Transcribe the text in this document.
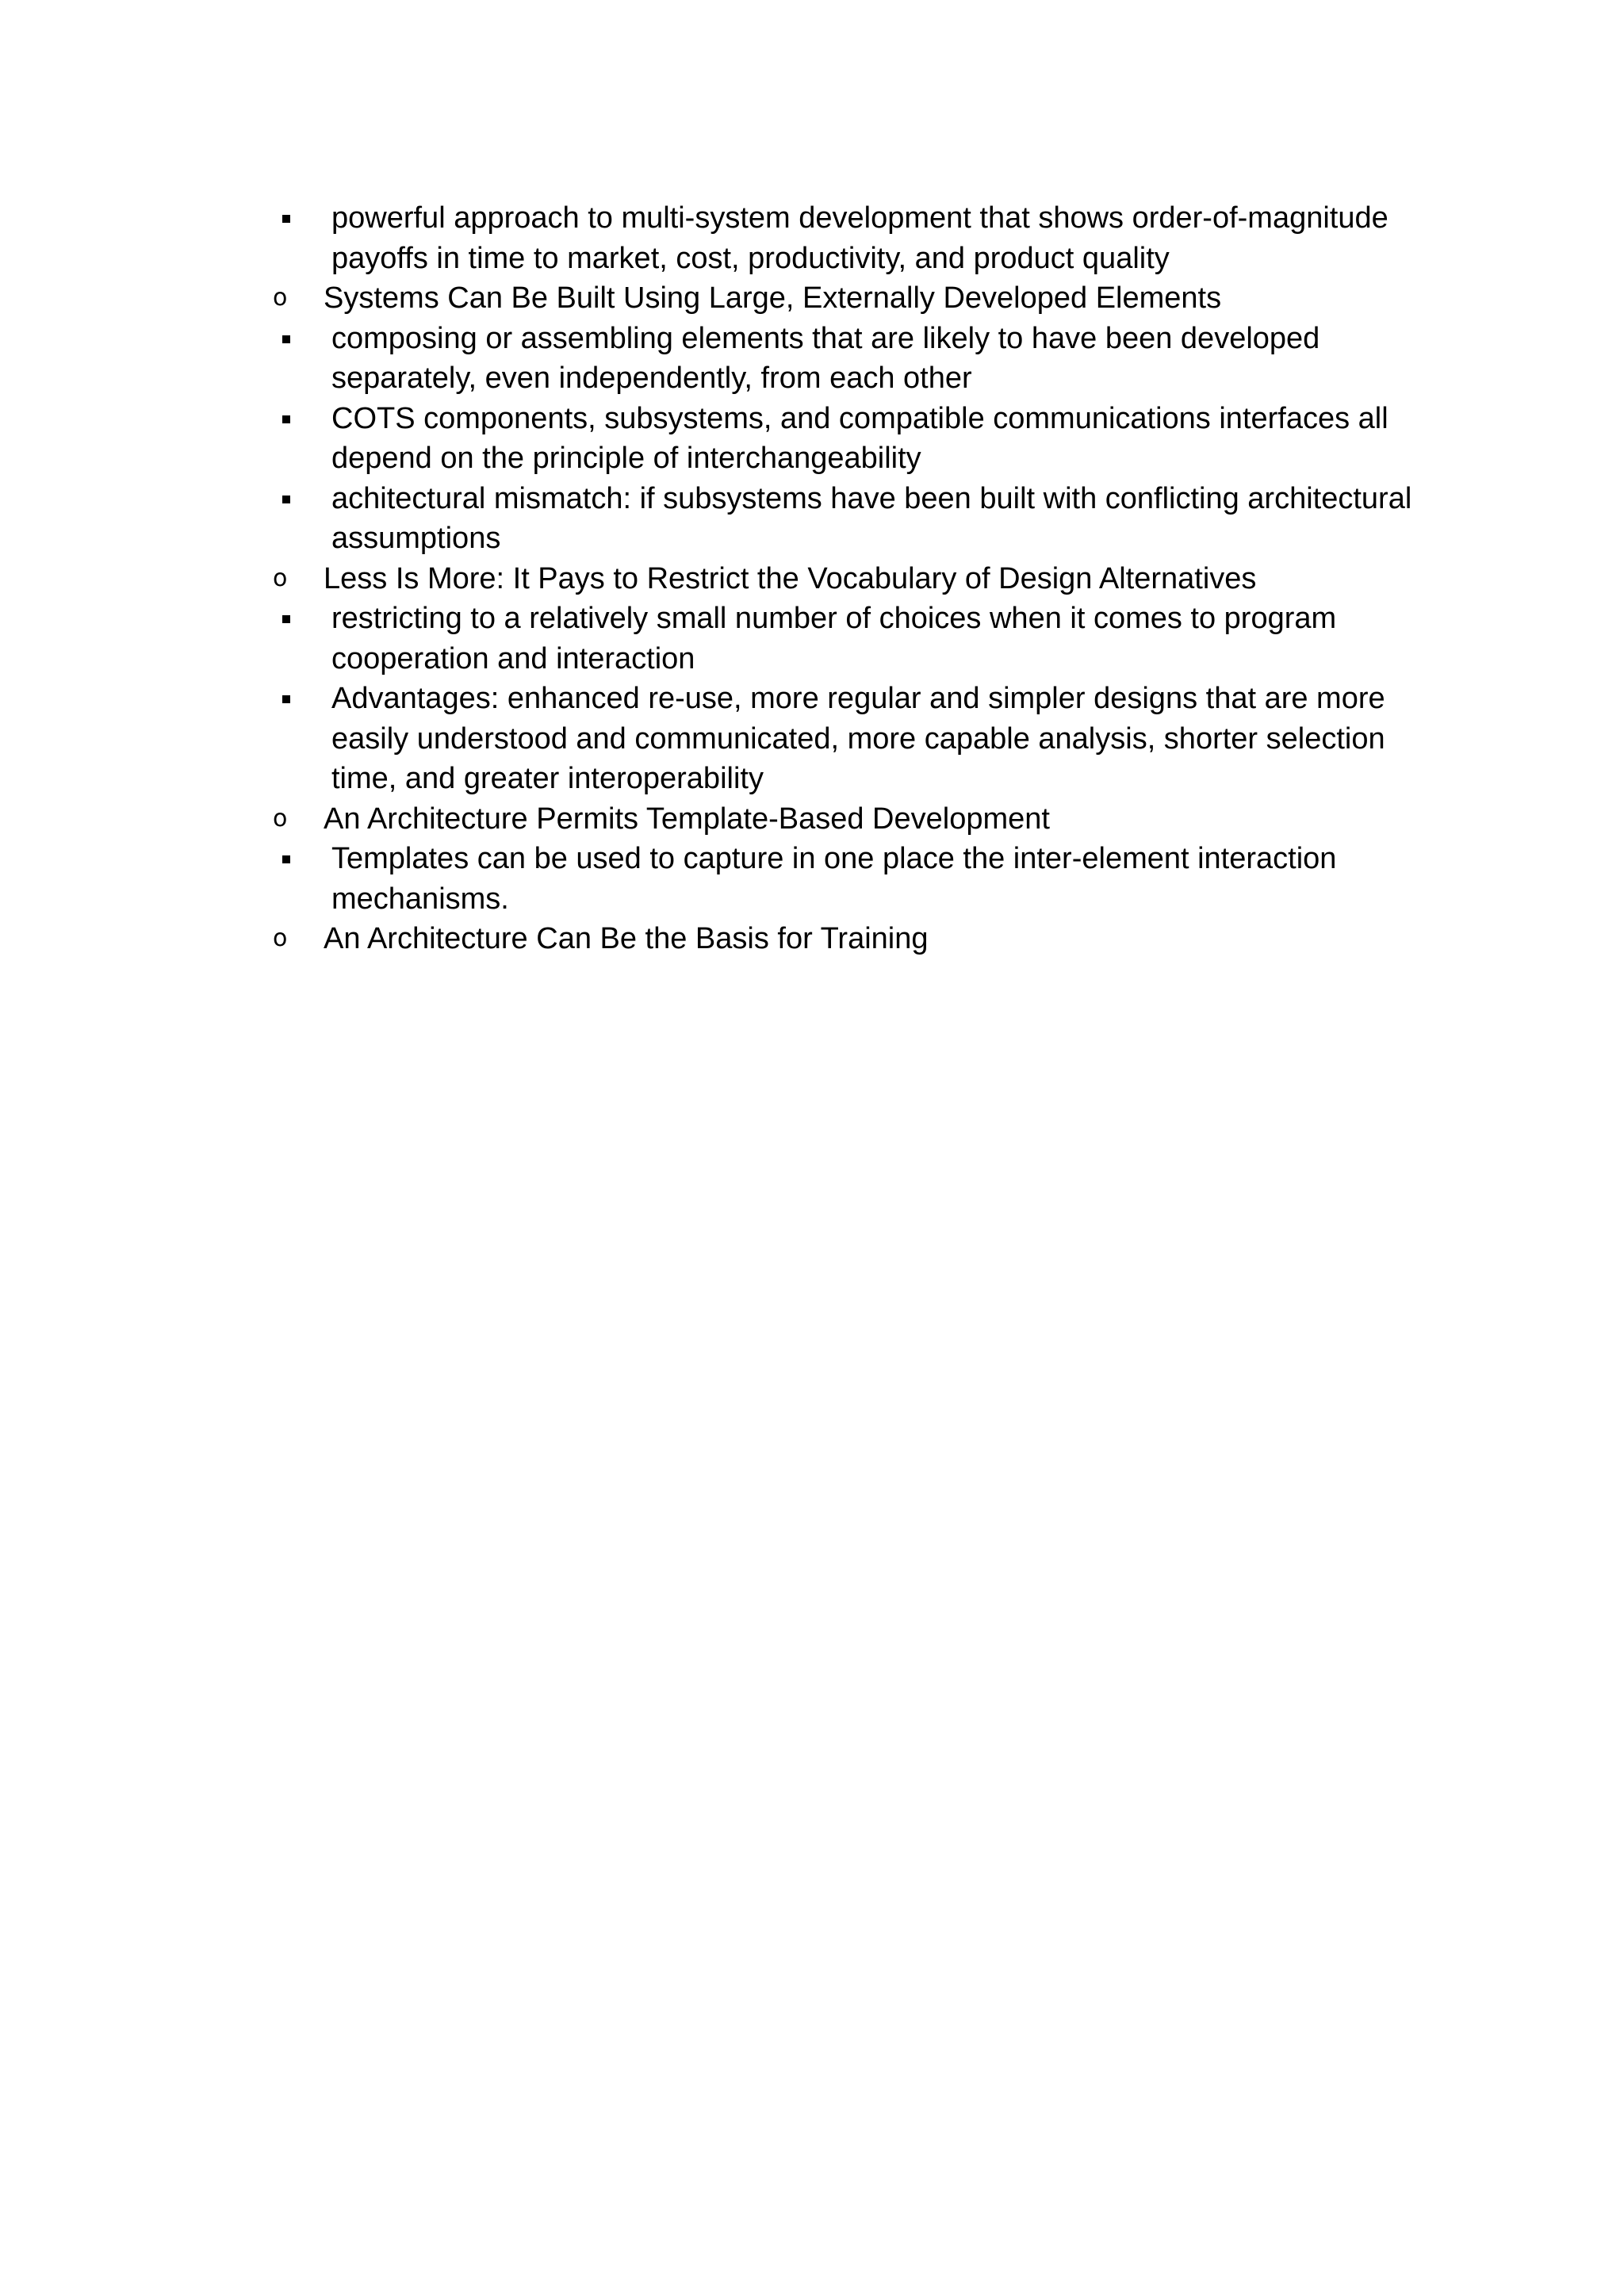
powerful approach to multi-system development that shows order-of-magnitude payoffs in time to market, cost, productivity, and product quality
o Systems Can Be Built Using Large, Externally Developed Elements
composing or assembling elements that are likely to have been developed separately, even independently, from each other
COTS components, subsystems, and compatible communications interfaces all depend on the principle of interchangeability
achitectural mismatch: if subsystems have been built with conflicting architectural assumptions
o Less Is More: It Pays to Restrict the Vocabulary of Design Alternatives
restricting to a relatively small number of choices when it comes to program cooperation and interaction
Advantages: enhanced re-use, more regular and simpler designs that are more easily understood and communicated, more capable analysis, shorter selection time, and greater interoperability
o An Architecture Permits Template-Based Development
Templates can be used to capture in one place the inter-element interaction mechanisms.
o An Architecture Can Be the Basis for Training
